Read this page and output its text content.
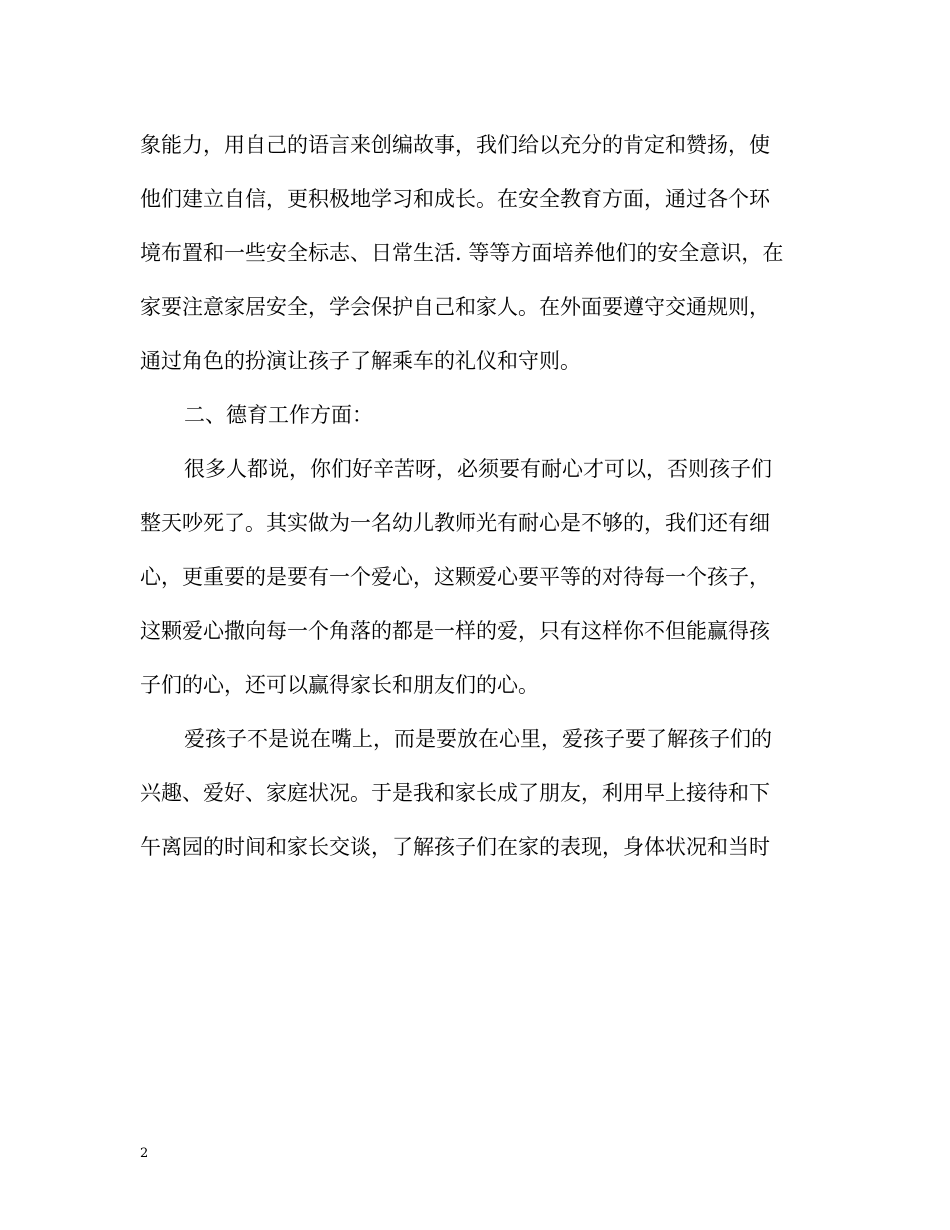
象能力，用自己的语言来创编故事，我们给以充分的肯定和赞扬，使

他们建立自信，更积极地学习和成长。在安全教育方面，通过各个环

境布置和一些安全标志、日常生活. 等等方面培养他们的安全意识，在

家要注意家居安全，学会保护自己和家人。在外面要遵守交通规则，

通过角色的扮演让孩子了解乘车的礼仪和守则。

二、德育工作方面：

很多人都说，你们好辛苦呀，必须要有耐心才可以，否则孩子们

整天吵死了。其实做为一名幼儿教师光有耐心是不够的，我们还有细

心，更重要的是要有一个爱心，这颗爱心要平等的对待每一个孩子，

这颗爱心撒向每一个角落的都是一样的爱，只有这样你不但能赢得孩

子们的心，还可以赢得家长和朋友们的心。

爱孩子不是说在嘴上，而是要放在心里，爱孩子要了解孩子们的

兴趣、爱好、家庭状况。于是我和家长成了朋友，利用早上接待和下

午离园的时间和家长交谈，了解孩子们在家的表现，身体状况和当时

2
